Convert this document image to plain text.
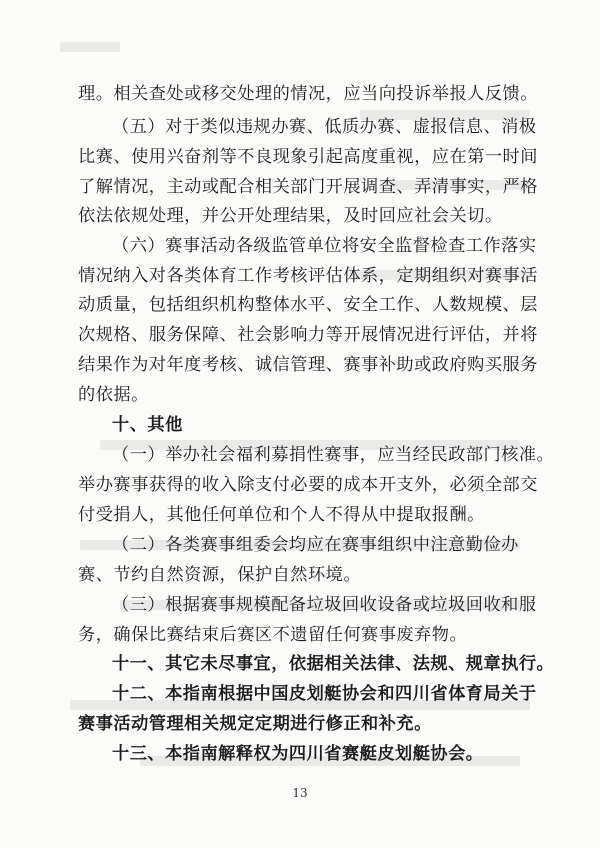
理。相关查处或移交处理的情况，应当向投诉举报人反馈。
（五）对于类似违规办赛、低质办赛、虚报信息、消极
比赛、使用兴奋剂等不良现象引起高度重视，应在第一时间
了解情况，主动或配合相关部门开展调查、弄清事实，严格
依法依规处理，并公开处理结果，及时回应社会关切。
（六）赛事活动各级监管单位将安全监督检查工作落实
情况纳入对各类体育工作考核评估体系，定期组织对赛事活
动质量，包括组织机构整体水平、安全工作、人数规模、层
次规格、服务保障、社会影响力等开展情况进行评估，并将
结果作为对年度考核、诚信管理、赛事补助或政府购买服务
的依据。
十、其他
（一）举办社会福利募捐性赛事，应当经民政部门核准。
举办赛事获得的收入除支付必要的成本开支外，必须全部交
付受捐人，其他任何单位和个人不得从中提取报酬。
（二）各类赛事组委会均应在赛事组织中注意勤俭办
赛、节约自然资源，保护自然环境。
（三）根据赛事规模配备垃圾回收设备或垃圾回收和服
务，确保比赛结束后赛区不遗留任何赛事废弃物。
十一、其它未尽事宜，依据相关法律、法规、规章执行。
十二、本指南根据中国皮划艇协会和四川省体育局关于
赛事活动管理相关规定定期进行修正和补充。
十三、本指南解释权为四川省赛艇皮划艇协会。
13
